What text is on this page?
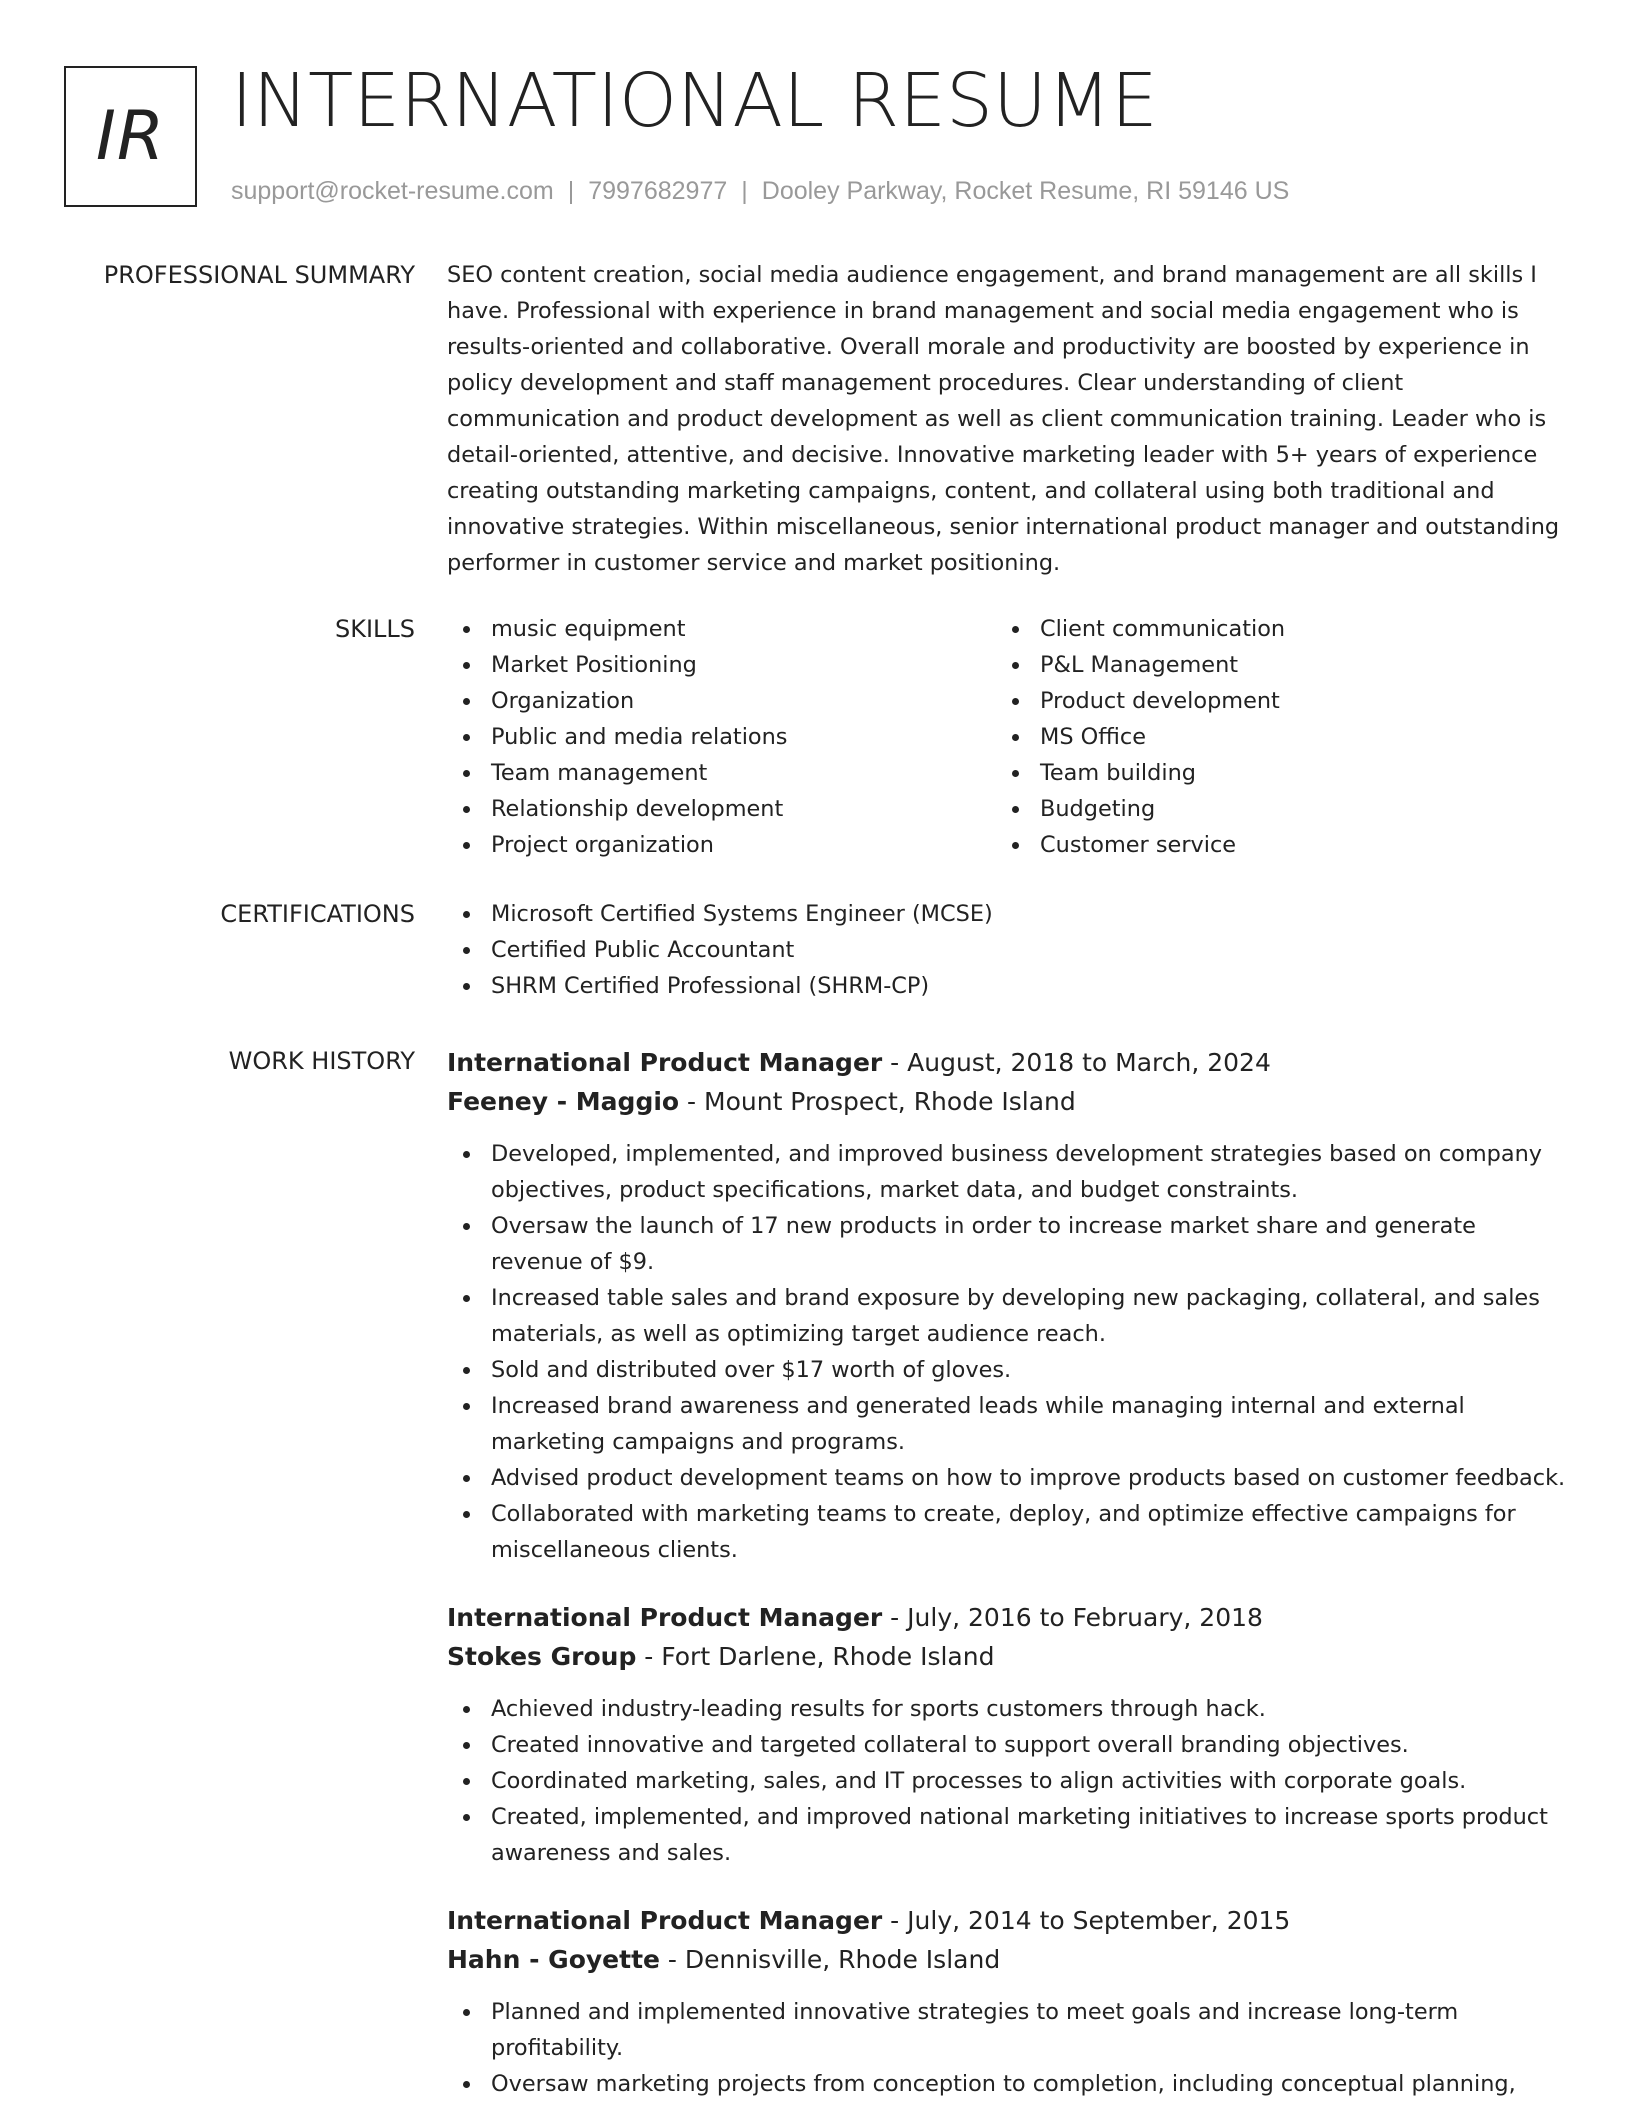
IR INTERNATIONAL RESUME
support@rocket-resume.com | 7997682977 | Dooley Parkway, Rocket Resume, RI 59146 US
PROFESSIONAL SUMMARY SEO content creation, social media audience engagement, and brand management are all skills I have. Professional with experience in brand management and social media engagement who is results-oriented and collaborative. Overall morale and productivity are boosted by experience in policy development and staff management procedures. Clear understanding of client communication and product development as well as client communication training. Leader who is detail-oriented, attentive, and decisive. Innovative marketing leader with 5+ years of experience creating outstanding marketing campaigns, content, and collateral using both traditional and innovative strategies. Within miscellaneous, senior international product manager and outstanding performer in customer service and market positioning.

SKILLS	music equipment
Market Positioning
Organization
Public and media relations
Team management
Relationship development
Project organization
Client communication
P&L Management
Product development
MS Office
Team building
Budgeting
Customer service
CERTIFICATIONS	Microsoft Certified Systems Engineer (MCSE)
Certified Public Accountant
SHRM Certified Professional (SHRM-CP)
WORK HISTORY International Product Manager - August, 2018 to March, 2024
Feeney - Maggio - Mount Prospect, Rhode Island
Developed, implemented, and improved business development strategies based on company objectives, product specifications, market data, and budget constraints.
Oversaw the launch of 17 new products in order to increase market share and generate revenue of $9.
Increased table sales and brand exposure by developing new packaging, collateral, and sales materials, as well as optimizing target audience reach.
Sold and distributed over $17 worth of gloves.
Increased brand awareness and generated leads while managing internal and external marketing campaigns and programs.
Advised product development teams on how to improve products based on customer feedback.
Collaborated with marketing teams to create, deploy, and optimize effective campaigns for miscellaneous clients.
International Product Manager - July, 2016 to February, 2018
Stokes Group - Fort Darlene, Rhode Island
Achieved industry-leading results for sports customers through hack.
Created innovative and targeted collateral to support overall branding objectives.
Coordinated marketing, sales, and IT processes to align activities with corporate goals.
Created, implemented, and improved national marketing initiatives to increase sports product awareness and sales.
International Product Manager - July, 2014 to September, 2015
Hahn - Goyette - Dennisville, Rhode Island
Planned and implemented innovative strategies to meet goals and increase long-term profitability.
Oversaw marketing projects from conception to completion, including conceptual planning,
